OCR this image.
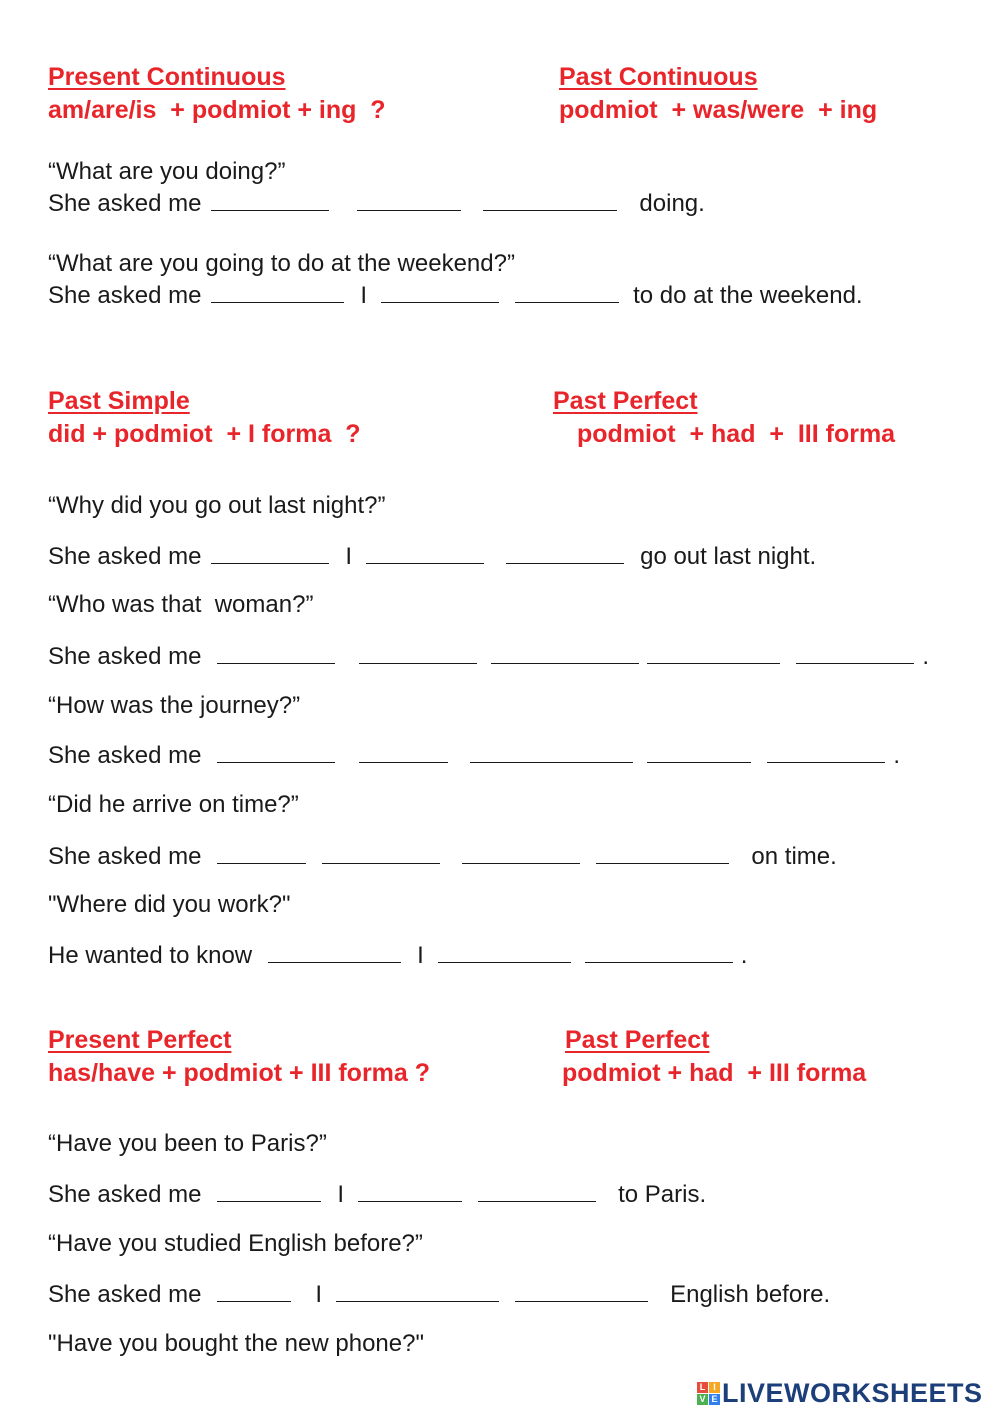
Present Continuous
am/are/is  + podmiot + ing  ?
Past Continuous
podmiot  + was/were  + ing
“What are you doing?”
She asked me	doing.
“What are you going to do at the weekend?”
She asked me	I	to do at the weekend.
Past Simple
did + podmiot  + I forma  ?
Past Perfect
podmiot  + had  +  III forma
“Why did you go out last night?”
She asked me	I	go out last night.
“Who was that  woman?”
She asked me	.
“How was the journey?”
She asked me	.
“Did he arrive on time?”
She asked me	on time.
"Where did you work?"
He wanted to know	I	.
Present Perfect
has/have + podmiot + III forma ?
Past Perfect
podmiot + had  + III forma
“Have you been to Paris?”
She asked me	I	to Paris.
“Have you studied English before?”
She asked me	I	English before.
"Have you bought the new phone?"
L I
V E LIVEWORKSHEETS
